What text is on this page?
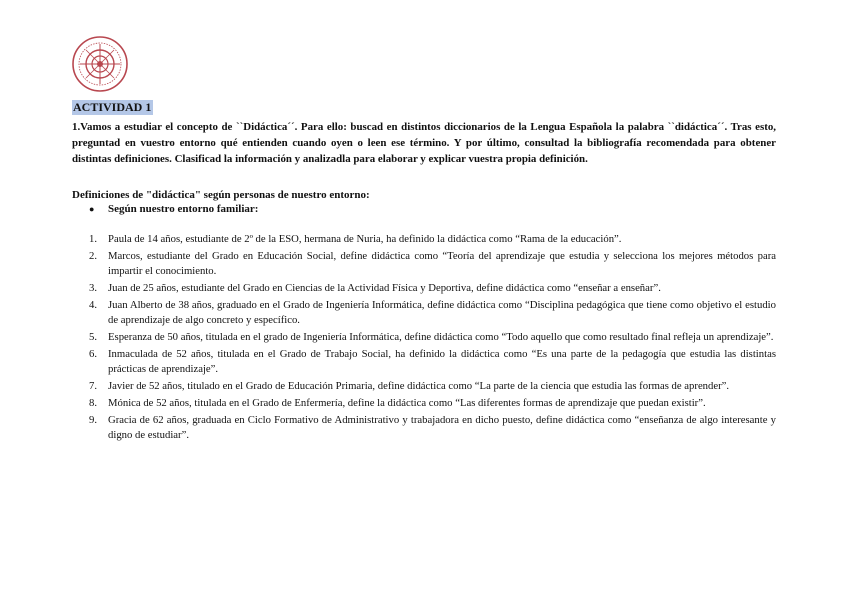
ACTIVIDAD 1

1.Vamos a estudiar el concepto de ``Didáctica´´. Para ello: buscad en distintos diccionarios de la Lengua Española la palabra ``didáctica´´. Tras esto, preguntad en vuestro entorno qué entienden cuando oyen o leen ese término. Y por último, consultad la bibliografía recomendada para obtener distintas definiciones. Clasificad la información y analizadla para elaborar y explicar vuestra propia definición.

Definiciones de "didáctica" según personas de nuestro entorno:

● Según nuestro entorno familiar:
1. Paula de 14 años, estudiante de 2º de la ESO, hermana de Nuria, ha definido la didáctica como “Rama de la educación”.
2. Marcos, estudiante del Grado en Educación Social, define didáctica como “Teoría del aprendizaje que estudia y selecciona los mejores métodos para impartir el conocimiento.
3. Juan de 25 años, estudiante del Grado en Ciencias de la Actividad Física y Deportiva, define didáctica como “enseñar a enseñar”.
4. Juan Alberto de 38 años, graduado en el Grado de Ingeniería Informática, define didáctica como “Disciplina pedagógica que tiene como objetivo el estudio de aprendizaje de algo concreto y específico.
5. Esperanza de 50 años, titulada en el grado de Ingeniería Informática, define didáctica como “Todo aquello que como resultado final refleja un aprendizaje”.
6. Inmaculada de 52 años, titulada en el Grado de Trabajo Social, ha definido la didáctica como “Es una parte de la pedagogía que estudia las distintas prácticas de aprendizaje”.
7. Javier de 52 años, titulado en el Grado de Educación Primaria, define didáctica como “La parte de la ciencia que estudia las formas de aprender”.
8. Mónica de 52 años, titulada en el Grado de Enfermería, define la didáctica como “Las diferentes formas de aprendizaje que puedan existir”.
9. Gracia de 62 años, graduada en Ciclo Formativo de Administrativo y trabajadora en dicho puesto, define didáctica como “enseñanza de algo interesante y digno de estudiar”.
